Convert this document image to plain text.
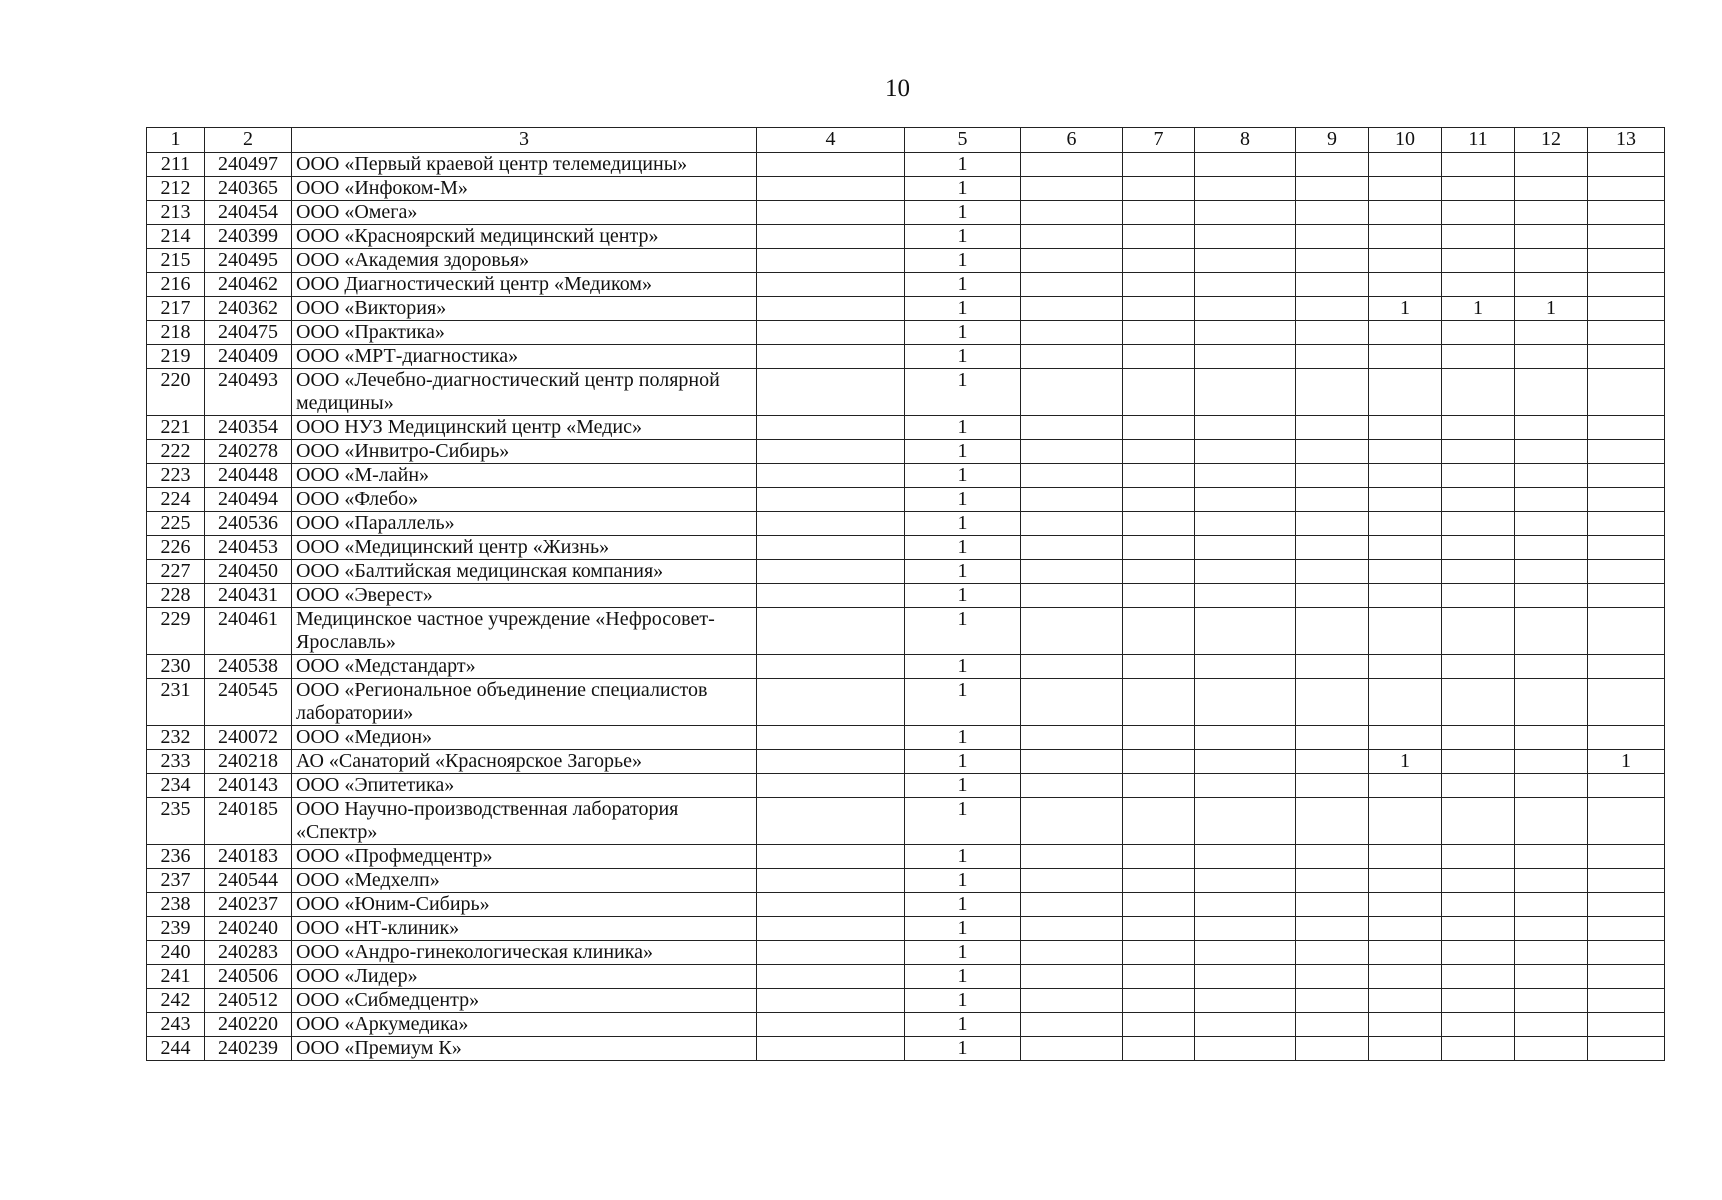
10
1	2	3	4	5	6	7	8	9	10	11	12	13
211	240497	ООО «Первый краевой центр телемедицины»		1								
212	240365	ООО «Инфоком-М»		1								
213	240454	ООО «Омега»		1								
214	240399	ООО «Красноярский медицинский центр»		1								
215	240495	ООО «Академия здоровья»		1								
216	240462	ООО Диагностический центр «Медиком»		1								
217	240362	ООО «Виктория»		1					1	1	1	
218	240475	ООО «Практика»		1								
219	240409	ООО «МРТ-диагностика»		1								
220	240493	ООО «Лечебно-диагностический центр полярной медицины»		1								
221	240354	ООО НУЗ Медицинский центр «Медис»		1								
222	240278	ООО «Инвитро-Сибирь»		1								
223	240448	ООО «М-лайн»		1								
224	240494	ООО «Флебо»		1								
225	240536	ООО «Параллель»		1								
226	240453	ООО «Медицинский центр «Жизнь»		1								
227	240450	ООО «Балтийская медицинская компания»		1								
228	240431	ООО «Эверест»		1								
229	240461	Медицинское частное учреждение «Нефросовет-Ярославль»		1								
230	240538	ООО «Медстандарт»		1								
231	240545	ООО «Региональное объединение специалистов лаборатории»		1								
232	240072	ООО «Медион»		1								
233	240218	АО «Санаторий «Красноярское Загорье»		1					1			1
234	240143	ООО «Эпитетика»		1								
235	240185	ООО Научно-производственная лаборатория «Спектр»		1								
236	240183	ООО «Профмедцентр»		1								
237	240544	ООО «Медхелп»		1								
238	240237	ООО «Юним-Сибирь»		1								
239	240240	ООО «НТ-клиник»		1								
240	240283	ООО «Андро-гинекологическая клиника»		1								
241	240506	ООО «Лидер»		1								
242	240512	ООО «Сибмедцентр»		1								
243	240220	ООО «Аркумедика»		1								
244	240239	ООО «Премиум К»		1								
